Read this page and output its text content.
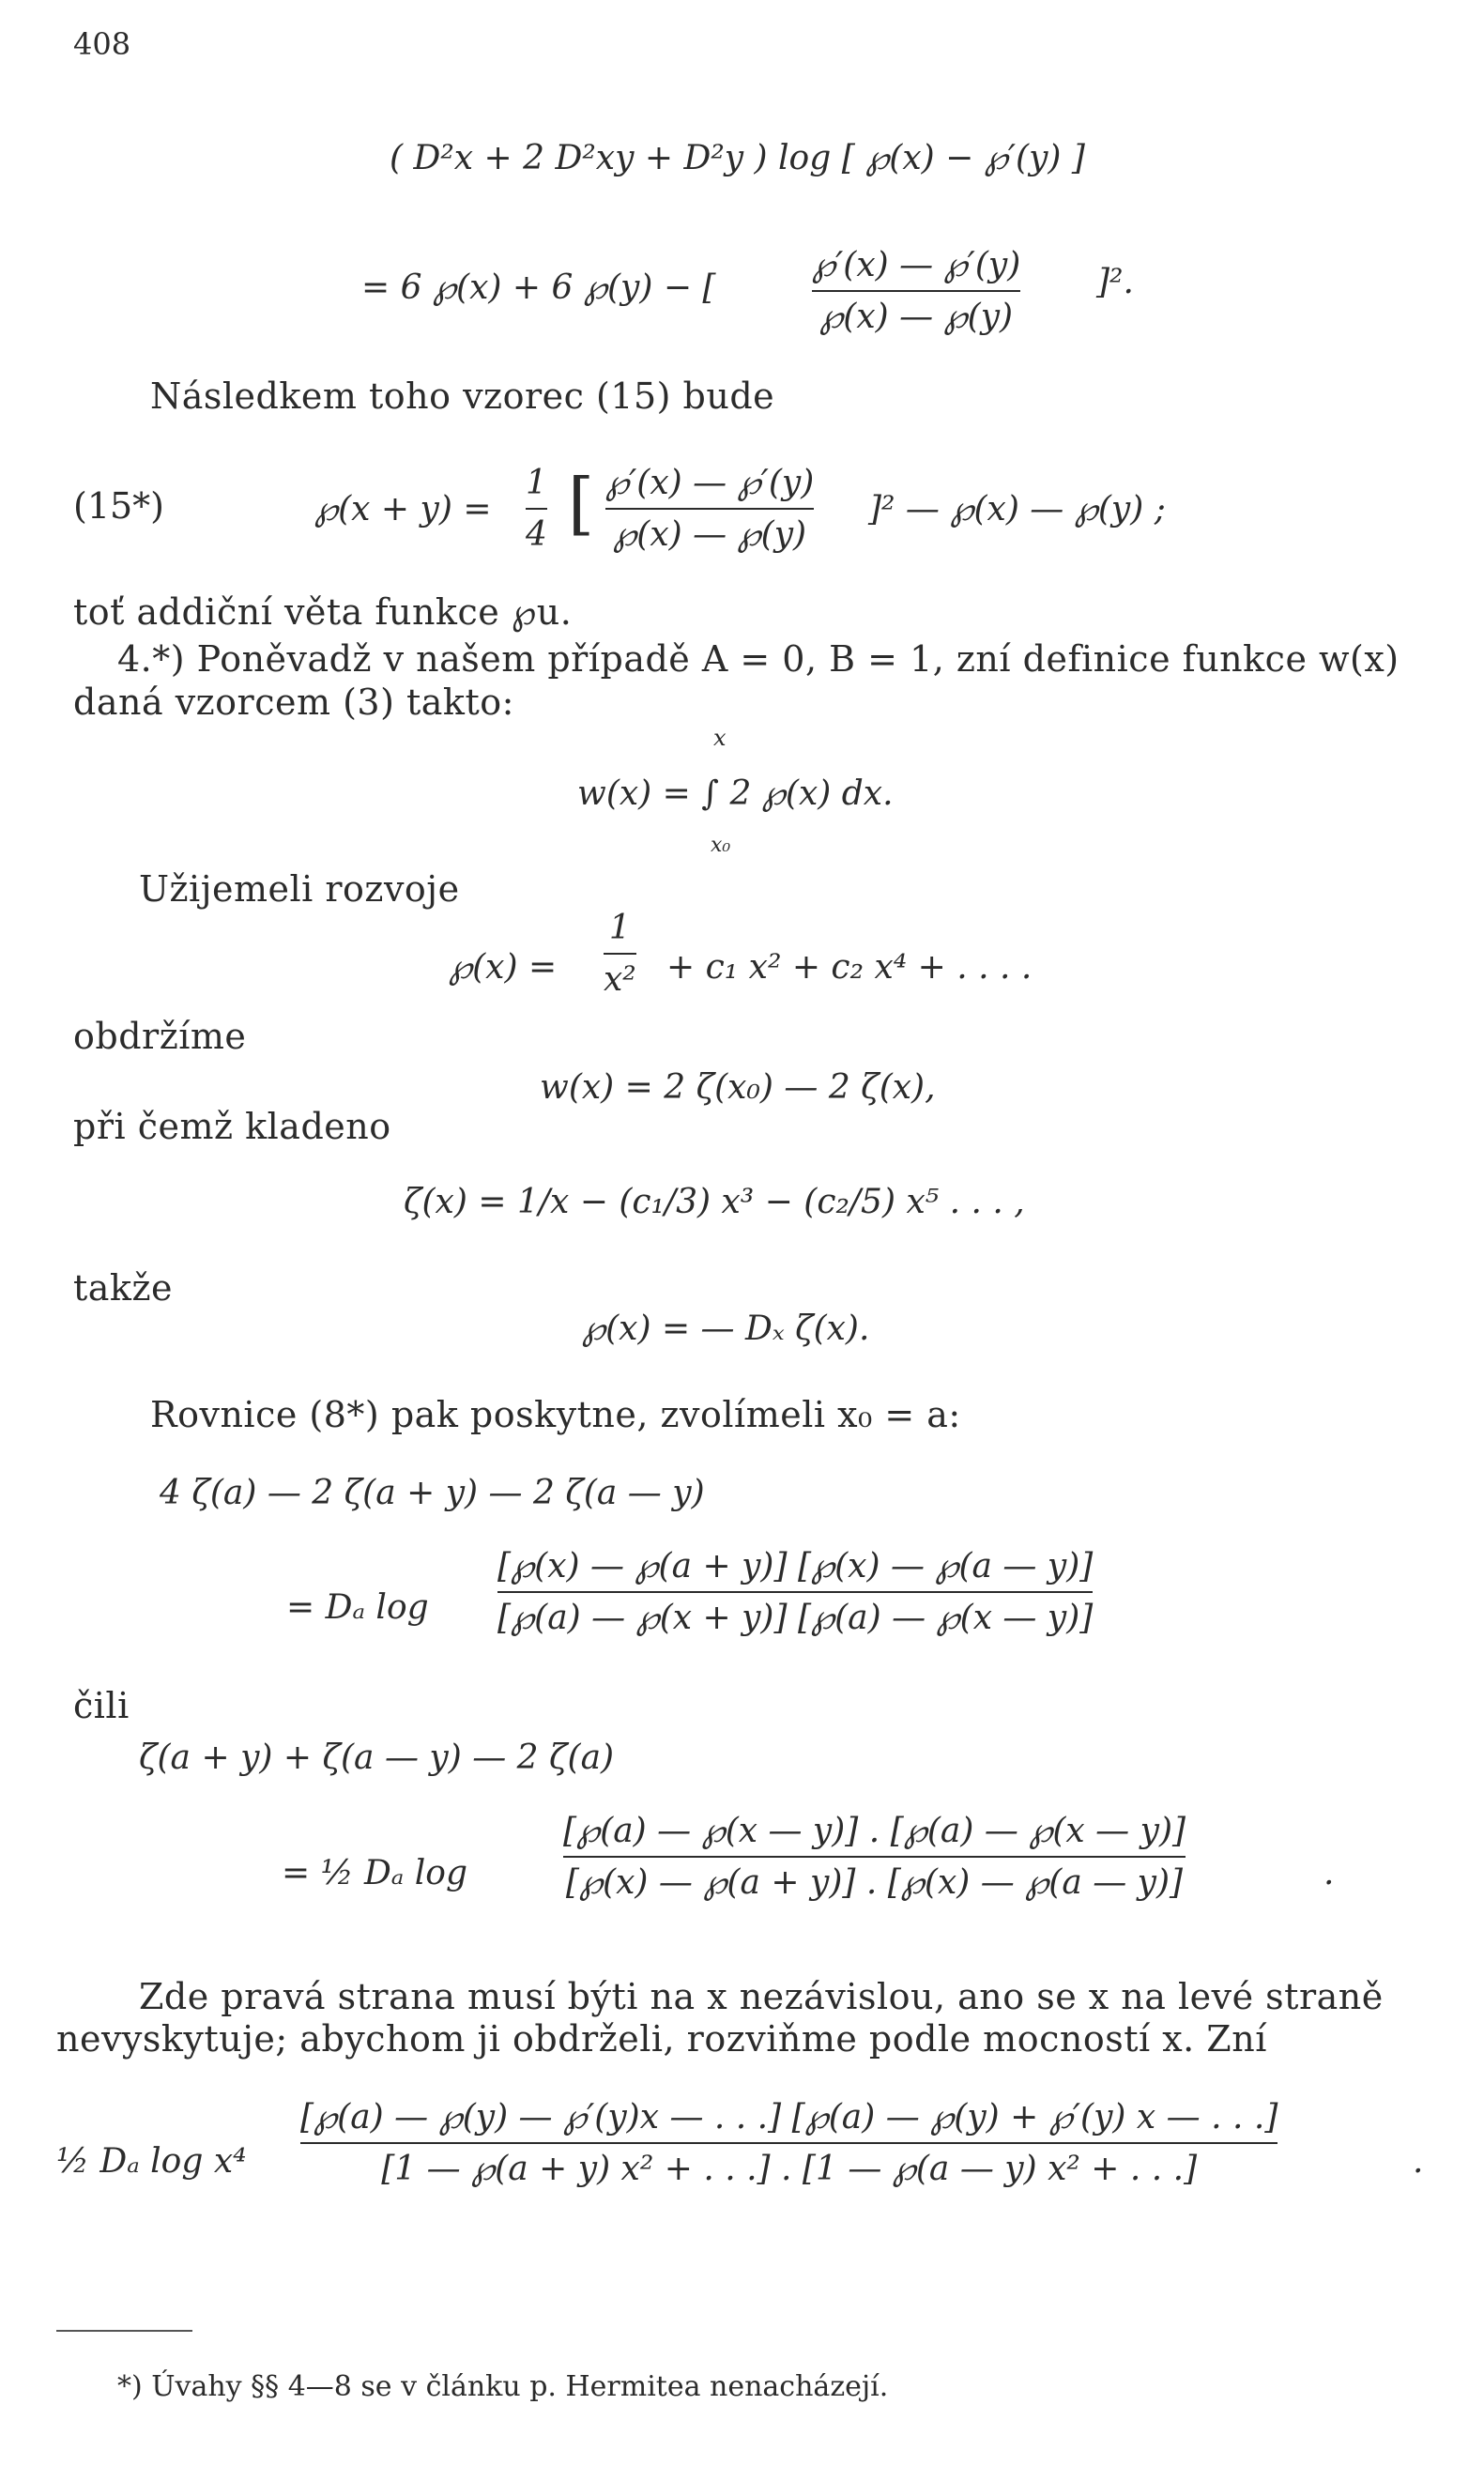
408
( D²x + 2 D²xy + D²y ) log [ ℘(x) − ℘′(y) ]
= 6 ℘(x) + 6 ℘(y) − [
℘′(x) — ℘′(y)
℘(x) — ℘(y)
]².
Následkem toho vzorec (15) bude
(15*)	℘(x + y) =
1
4 [ ℘′(x) — ℘′(y)
℘(x) — ℘(y)
]² — ℘(x) — ℘(y) ;
toť addiční věta funkce ℘u.
4.*) Poněvadž v našem případě A = 0, B = 1, zní definice funkce w(x)
daná vzorcem (3) takto:
x
w(x) = ∫ 2 ℘(x) dx.
x₀
Užijemeli rozvoje
℘(x) =
1
x² + c₁ x² + c₂ x⁴ + . . . .
obdržíme
w(x) = 2 ζ(x₀) — 2 ζ(x),
při čemž kladeno
ζ(x) = 1/x − (c₁/3) x³ − (c₂/5) x⁵ . . . ,
takže
℘(x) = — Dₓ ζ(x).
Rovnice (8*) pak poskytne, zvolímeli x₀ = a:
4 ζ(a) — 2 ζ(a + y) — 2 ζ(a — y)
= Dₐ log
[℘(x) — ℘(a + y)] [℘(x) — ℘(a — y)]
[℘(a) — ℘(x + y)] [℘(a) — ℘(x — y)]
čili
ζ(a + y) + ζ(a — y) — 2 ζ(a)
= ½ Dₐ log
[℘(a) — ℘(x — y)] . [℘(a) — ℘(x — y)]
[℘(x) — ℘(a + y)] . [℘(x) — ℘(a — y)]	.
Zde pravá strana musí býti na x nezávislou, ano se x na levé straně
nevyskytuje; abychom ji obdrželi, rozviňme podle mocností x. Zní
½ Dₐ log x⁴
[℘(a) — ℘(y) — ℘′(y)x — . . .] [℘(a) — ℘(y) + ℘′(y) x — . . .]
[1 — ℘(a + y) x² + . . .] . [1 — ℘(a — y) x² + . . .]	.
*) Úvahy §§ 4—8 se v článku p. Hermitea nenacházejí.
